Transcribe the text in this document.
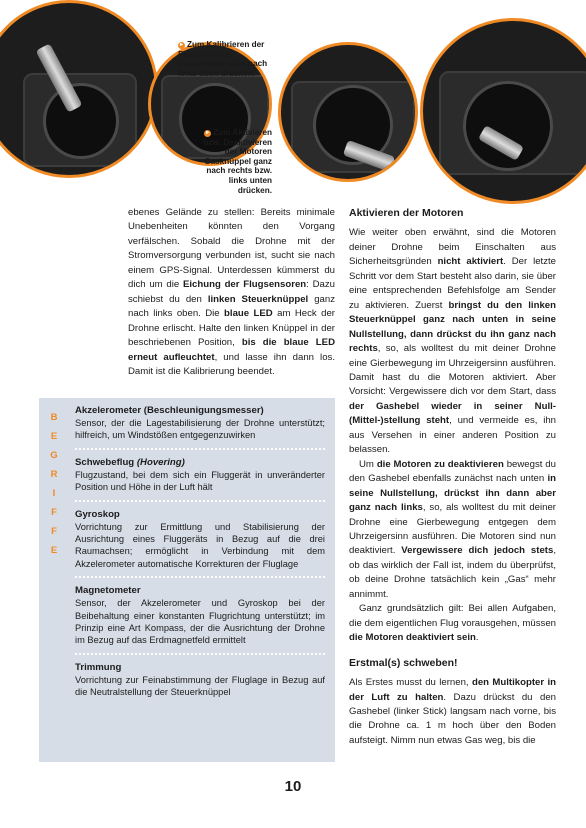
▸ Zum Kalibrieren der Flugsensoren Gasknüppel ganz nach links oben drücken.
▸ Zum Aktivieren bzw. Deaktivieren der Motoren Gasknüppel ganz nach rechts bzw. links unten drücken.

ebenes Gelände zu stellen: Bereits minimale Unebenheiten könnten den Vorgang verfälschen. Sobald die Drohne mit der Stromversorgung verbunden ist, sucht sie nach einem GPS-Signal. Unterdessen kümmerst du dich um die Eichung der Flugsensoren: Dazu schiebst du den linken Steuerknüppel ganz nach links oben. Die blaue LED am Heck der Drohne erlischt. Halte den linken Knüppel in der beschriebenen Position, bis die blaue LED erneut aufleuchtet, und lasse ihn dann los. Damit ist die Kalibrierung beendet.

B
E
G
R
I
F
F
E
Akzelerometer (Beschleunigungsmesser)
Sensor, der die Lagestabilisierung der Drohne unterstützt; hilfreich, um Windstößen entgegenzuwirken
Schwebeflug (Hovering)
Flugzustand, bei dem sich ein Fluggerät in unveränderter Position und Höhe in der Luft hält
Gyroskop
Vorrichtung zur Ermittlung und Stabilisierung der Ausrichtung eines Fluggeräts in Bezug auf die drei Raumachsen; ermöglicht in Verbindung mit dem Akzelerometer automatische Korrekturen der Fluglage
Magnetometer
Sensor, der Akzelerometer und Gyroskop bei der Beibehaltung einer konstanten Flugrichtung unterstützt; im Prinzip eine Art Kompass, der die Ausrichtung der Drohne im Bezug auf das Erdmagnetfeld ermittelt
Trimmung
Vorrichtung zur Feinabstimmung der Fluglage in Bezug auf die Neutralstellung der Steuerknüppel
Aktivieren der Motoren

Wie weiter oben erwähnt, sind die Motoren deiner Drohne beim Einschalten aus Sicherheitsgründen nicht aktiviert. Der letzte Schritt vor dem Start besteht also darin, sie über eine entsprechenden Befehlsfolge am Sender zu aktivieren. Zuerst bringst du den linken Steuerknüppel ganz nach unten in seine Nullstellung, dann drückst du ihn ganz nach rechts, so, als wolltest du mit deiner Drohne eine Gierbewegung im Uhrzeigersinn ausführen. Damit hast du die Motoren aktiviert. Aber Vorsicht: Vergewissere dich vor dem Start, dass der Gashebel wieder in seiner Null-(Mittel-)stellung steht, und vermeide es, ihn aus Versehen in einer anderen Position zu belassen.

Um die Motoren zu deaktivieren bewegst du den Gashebel ebenfalls zunächst nach unten in seine Nullstellung, drückst ihn dann aber ganz nach links, so, als wolltest du mit deiner Drohne eine Gierbewegung entgegen dem Uhrzeigersinn ausführen. Die Motoren sind nun deaktiviert. Vergewissere dich jedoch stets, ob das wirklich der Fall ist, indem du überprüfst, ob deine Drohne tatsächlich kein „Gas“ mehr annimmt.

Ganz grundsätzlich gilt: Bei allen Aufgaben, die dem eigentlichen Flug vorausgehen, müssen die Motoren deaktiviert sein.

Erstmal(s) schweben!

Als Erstes musst du lernen, den Multikopter in der Luft zu halten. Dazu drückst du den Gashebel (linker Stick) langsam nach vorne, bis die Drohne ca. 1 m hoch über den Boden aufsteigt. Nimm nun etwas Gas weg, bis die

10
